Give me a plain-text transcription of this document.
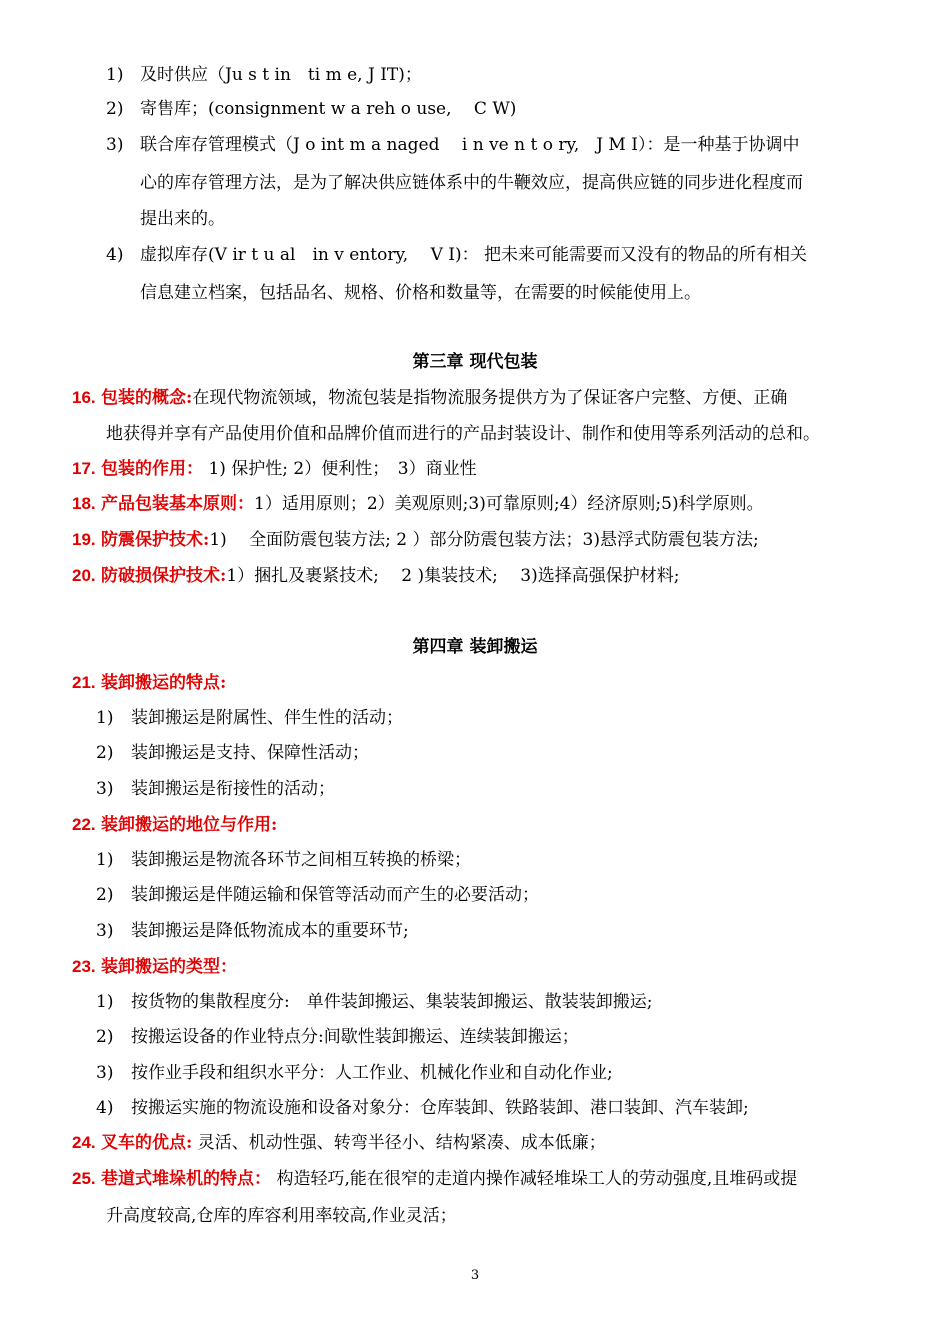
1) 及时供应（Ju s t in　ti m e, J IT)；
2) 寄售库；(consignment w a reh o use,　 C W)
3) 联合库存管理模式（J o int m a naged　 i n ve n t o ry,　J M I）：是一种基于协调中
心的库存管理方法，是为了解决供应链体系中的牛鞭效应，提高供应链的同步进化程度而
提出来的。
4) 虚拟库存(V ir t u al　in v entory,　 V I)： 把未来可能需要而又没有的物品的所有相关
信息建立档案，包括品名、规格、价格和数量等，在需要的时候能使用上。
第三章 现代包装
16. 包装的概念:在现代物流领域，物流包装是指物流服务提供方为了保证客户完整、方便、正确
地获得并享有产品使用价值和品牌价值而进行的产品封装设计、制作和使用等系列活动的总和。
17. 包装的作用： 1) 保护性; 2）便利性；　3）商业性
18. 产品包装基本原则：1）适用原则；2）美观原则;3)可靠原则;4）经济原则;5)科学原则。
19. 防震保护技术:1)　 全面防震包装方法; 2 ）部分防震包装方法；3)悬浮式防震包装方法;
20. 防破损保护技术:1）捆扎及裹紧技术;　 2 )集装技术;　 3)选择高强保护材料;
第四章 装卸搬运
21. 装卸搬运的特点:
1) 装卸搬运是附属性、伴生性的活动；
2) 装卸搬运是支持、保障性活动；
3) 装卸搬运是衔接性的活动；
22. 装卸搬运的地位与作用:
1) 装卸搬运是物流各环节之间相互转换的桥梁；
2) 装卸搬运是伴随运输和保管等活动而产生的必要活动；
3) 装卸搬运是降低物流成本的重要环节;
23. 装卸搬运的类型：
1) 按货物的集散程度分:　单件装卸搬运、集装装卸搬运、散装装卸搬运;
2) 按搬运设备的作业特点分:间歇性装卸搬运、连续装卸搬运；
3) 按作业手段和组织水平分：人工作业、机械化作业和自动化作业;
4) 按搬运实施的物流设施和设备对象分：仓库装卸、铁路装卸、港口装卸、汽车装卸;
24. 叉车的优点: 灵活、机动性强、转弯半径小、结构紧凑、成本低廉；
25. 巷道式堆垛机的特点： 构造轻巧,能在很窄的走道内操作减轻堆垛工人的劳动强度,且堆码或提
升高度较高,仓库的库容利用率较高,作业灵活；
3
